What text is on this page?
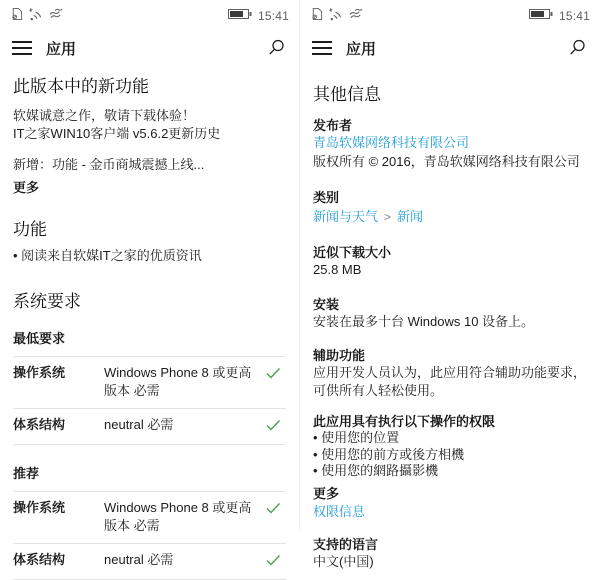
15:41
应用
此版本中的新功能
软媒诚意之作，敬请下载体验！
IT之家WIN10客户端 v5.6.2更新历史
新增：功能 - 金币商城震撼上线...
更多
功能
• 阅读来自软媒IT之家的优质资讯
系统要求
最低要求
操作系统	Windows Phone 8 或更高版本 必需
体系结构	neutral 必需
推荐
操作系统	Windows Phone 8 或更高版本 必需
体系结构	neutral 必需
15:41
应用
其他信息
发布者
青岛软媒网络科技有限公司
版权所有 © 2016，青岛软媒网络科技有限公司
类别
新闻与天气 > 新闻
近似下载大小
25.8 MB
安装
安装在最多十台 Windows 10 设备上。
辅助功能
应用开发人员认为，此应用符合辅助功能要求，可供所有人轻松使用。
此应用具有执行以下操作的权限
• 使用您的位置
• 使用您的前方或後方相機
• 使用您的網路攝影機
更多
权限信息
支持的语言
中文(中国)
